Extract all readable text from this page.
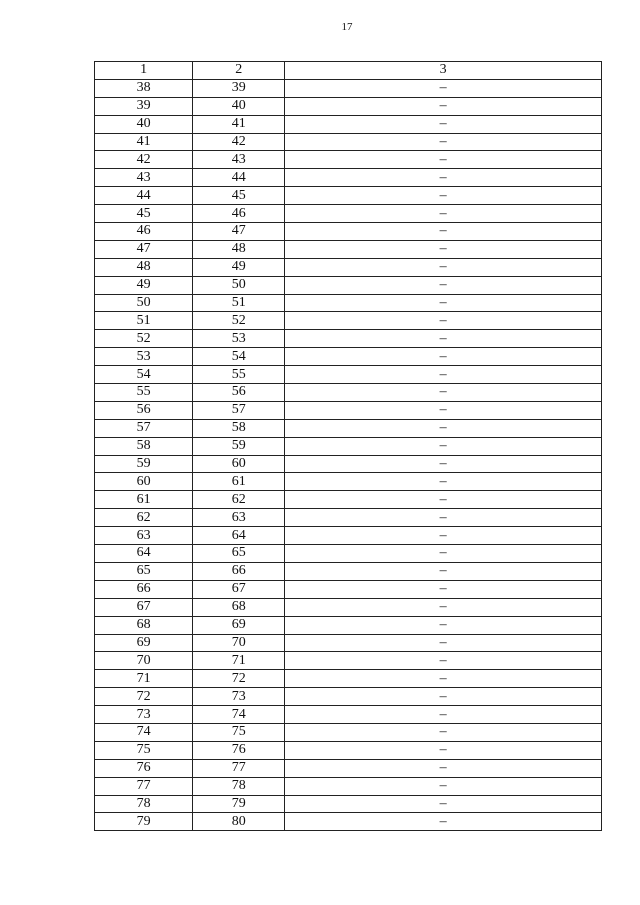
17
1	2	3
38	39	–
39	40	–
40	41	–
41	42	–
42	43	–
43	44	–
44	45	–
45	46	–
46	47	–
47	48	–
48	49	–
49	50	–
50	51	–
51	52	–
52	53	–
53	54	–
54	55	–
55	56	–
56	57	–
57	58	–
58	59	–
59	60	–
60	61	–
61	62	–
62	63	–
63	64	–
64	65	–
65	66	–
66	67	–
67	68	–
68	69	–
69	70	–
70	71	–
71	72	–
72	73	–
73	74	–
74	75	–
75	76	–
76	77	–
77	78	–
78	79	–
79	80	–
